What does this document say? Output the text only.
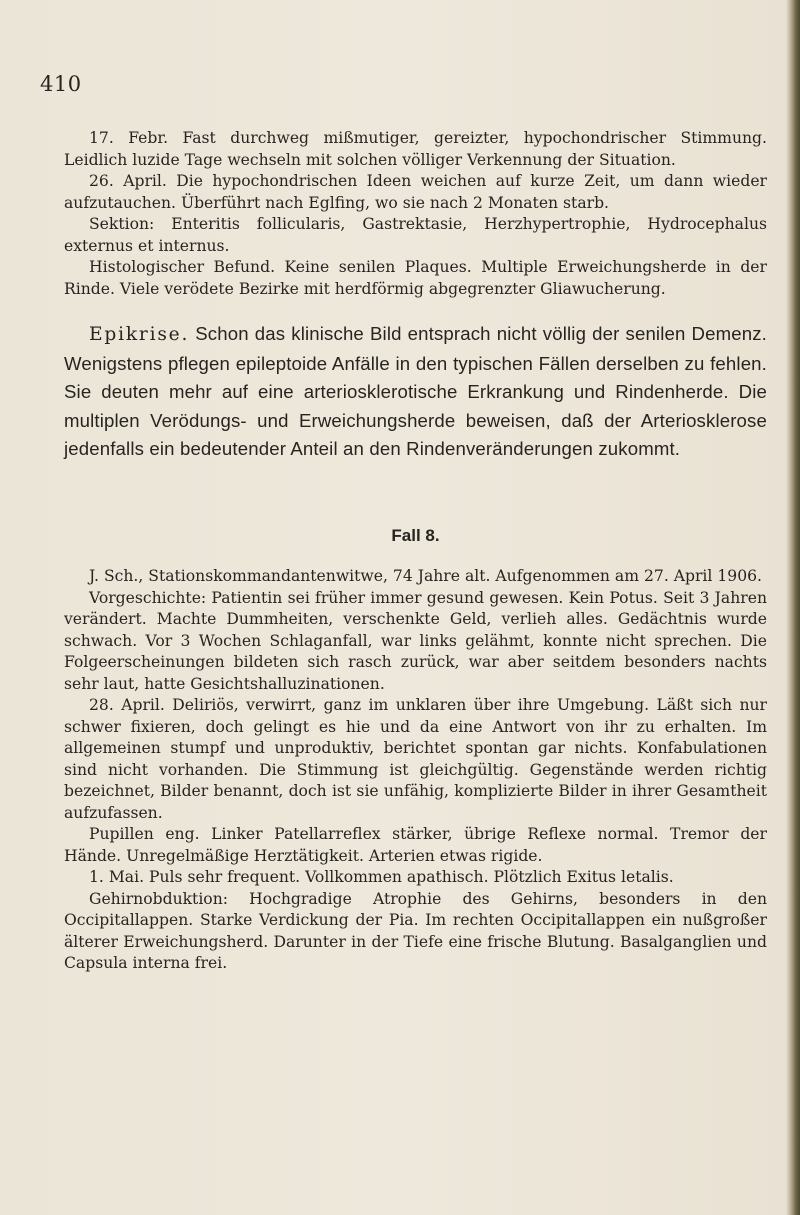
410

17. Febr. Fast durchweg mißmutiger, gereizter, hypochondrischer Stimmung. Leidlich luzide Tage wechseln mit solchen völliger Verkennung der Situation.

26. April. Die hypochondrischen Ideen weichen auf kurze Zeit, um dann wieder aufzutauchen. Überführt nach Eglfing, wo sie nach 2 Monaten starb.

Sektion: Enteritis follicularis, Gastrektasie, Herzhypertrophie, Hydrocephalus externus et internus.

Histologischer Befund. Keine senilen Plaques. Multiple Erweichungsherde in der Rinde. Viele verödete Bezirke mit herdförmig abgegrenzter Gliawucherung.

Epikrise. Schon das klinische Bild entsprach nicht völlig der senilen Demenz. Wenigstens pflegen epileptoide Anfälle in den typischen Fällen derselben zu fehlen. Sie deuten mehr auf eine arteriosklerotische Erkrankung und Rindenherde. Die multiplen Verödungs- und Erweichungsherde beweisen, daß der Arteriosklerose jedenfalls ein bedeutender Anteil an den Rindenveränderungen zukommt.
Fall 8.

J. Sch., Stationskommandantenwitwe, 74 Jahre alt. Aufgenommen am 27. April 1906.

Vorgeschichte: Patientin sei früher immer gesund gewesen. Kein Potus. Seit 3 Jahren verändert. Machte Dummheiten, verschenkte Geld, verlieh alles. Gedächtnis wurde schwach. Vor 3 Wochen Schlaganfall, war links gelähmt, konnte nicht sprechen. Die Folgeerscheinungen bildeten sich rasch zurück, war aber seitdem besonders nachts sehr laut, hatte Gesichtshalluzinationen.

28. April. Deliriös, verwirrt, ganz im unklaren über ihre Umgebung. Läßt sich nur schwer fixieren, doch gelingt es hie und da eine Antwort von ihr zu erhalten. Im allgemeinen stumpf und unproduktiv, berichtet spontan gar nichts. Konfabulationen sind nicht vorhanden. Die Stimmung ist gleichgültig. Gegenstände werden richtig bezeichnet, Bilder benannt, doch ist sie unfähig, komplizierte Bilder in ihrer Gesamtheit aufzufassen.

Pupillen eng. Linker Patellarreflex stärker, übrige Reflexe normal. Tremor der Hände. Unregelmäßige Herztätigkeit. Arterien etwas rigide.

1. Mai. Puls sehr frequent. Vollkommen apathisch. Plötzlich Exitus letalis.

Gehirnobduktion: Hochgradige Atrophie des Gehirns, besonders in den Occipitallappen. Starke Verdickung der Pia. Im rechten Occipitallappen ein nußgroßer älterer Erweichungsherd. Darunter in der Tiefe eine frische Blutung. Basalganglien und Capsula interna frei.
